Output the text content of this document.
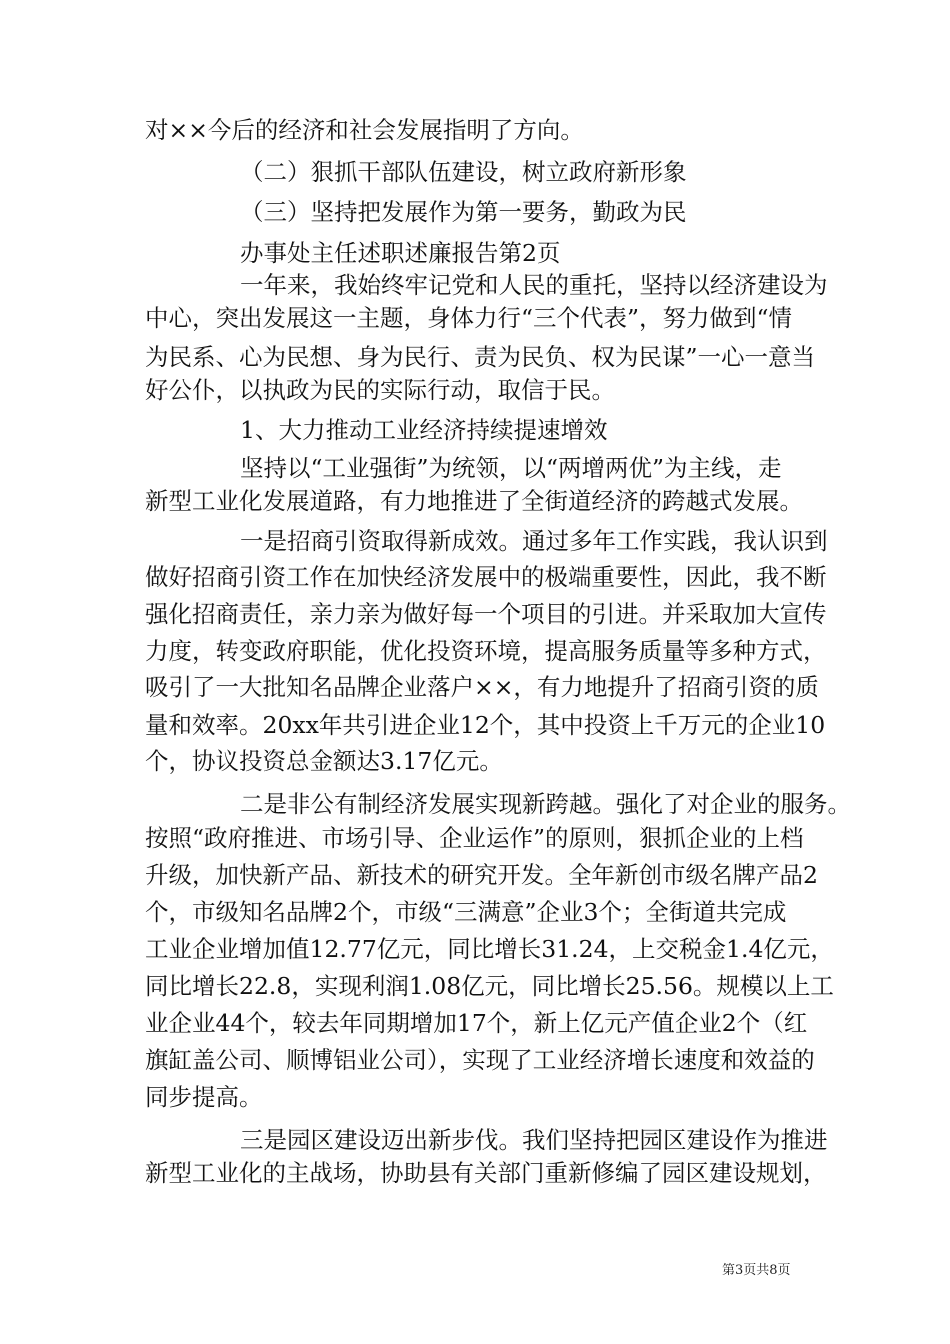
对××今后的经济和社会发展指明了方向。
（二）狠抓干部队伍建设，树立政府新形象
（三）坚持把发展作为第一要务，勤政为民
办事处主任述职述廉报告第2页
一年来，我始终牢记党和人民的重托，坚持以经济建设为
中心，突出发展这一主题，身体力行“三个代表”，努力做到“情
为民系、心为民想、身为民行、责为民负、权为民谋”一心一意当
好公仆，以执政为民的实际行动，取信于民。
1、大力推动工业经济持续提速增效
坚持以“工业强街”为统领，以“两增两优”为主线，走
新型工业化发展道路，有力地推进了全街道经济的跨越式发展。
一是招商引资取得新成效。通过多年工作实践，我认识到
做好招商引资工作在加快经济发展中的极端重要性，因此，我不断
强化招商责任，亲力亲为做好每一个项目的引进。并采取加大宣传
力度，转变政府职能，优化投资环境，提高服务质量等多种方式，
吸引了一大批知名品牌企业落户××，有力地提升了招商引资的质
量和效率。20xx年共引进企业12个，其中投资上千万元的企业10
个，协议投资总金额达3.17亿元。
二是非公有制经济发展实现新跨越。强化了对企业的服务。
按照“政府推进、市场引导、企业运作”的原则，狠抓企业的上档
升级，加快新产品、新技术的研究开发。全年新创市级名牌产品2
个，市级知名品牌2个，市级“三满意”企业3个；全街道共完成
工业企业增加值12.77亿元，同比增长31.24，上交税金1.4亿元，
同比增长22.8，实现利润1.08亿元，同比增长25.56。规模以上工
业企业44个，较去年同期增加17个，新上亿元产值企业2个（红
旗缸盖公司、顺博铝业公司），实现了工业经济增长速度和效益的
同步提高。
三是园区建设迈出新步伐。我们坚持把园区建设作为推进
新型工业化的主战场，协助县有关部门重新修编了园区建设规划，
第3页共8页
